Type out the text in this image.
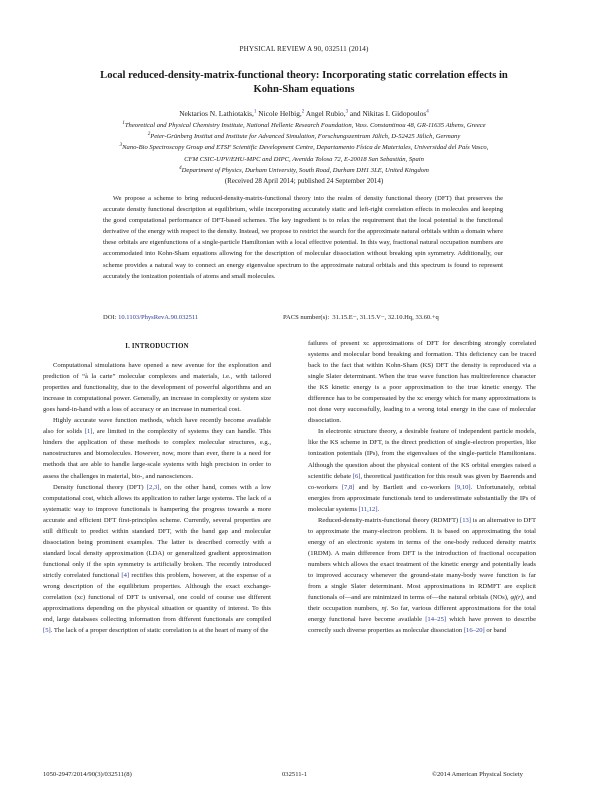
PHYSICAL REVIEW A 90, 032511 (2014)
Local reduced-density-matrix-functional theory: Incorporating static correlation effects in
Kohn-Sham equations
Nektarios N. Lathiotakis,$^1$ Nicole Helbig,$^2$ Angel Rubio,$^3$ and Nikitas I. Gidopoulos$^4$
$^1$Theoretical and Physical Chemistry Institute, National Hellenic Research Foundation, Vass. Constantinou 48, GR-11635 Athens, Greece
$^2$Peter-Grünberg Institut and Institute for Advanced Simulation, Forschungszentrum Jülich, D-52425 Jülich, Germany
$^3$Nano-Bio Spectroscopy Group and ETSF Scientific Development Centre, Departamento Física de Materiales, Universidad del País Vasco,
CFM CSIC-UPV/EHU-MPC and DIPC, Avenida Tolosa 72, E-20018 San Sebastián, Spain
$^4$Department of Physics, Durham University, South Road, Durham DH1 3LE, United Kingdom
(Received 28 April 2014; published 24 September 2014)
We propose a scheme to bring reduced-density-matrix-functional theory into the realm of density functional theory (DFT) that preserves the accurate density functional description at equilibrium, while incorporating accurately static and left-right correlation effects in molecules and keeping the good computational performance of DFT-based schemes. The key ingredient is to relax the requirement that the local potential is the functional derivative of the energy with respect to the density. Instead, we propose to restrict the search for the approximate natural orbitals within a domain where these orbitals are eigenfunctions of a single-particle Hamiltonian with a local effective potential. In this way, fractional natural occupation numbers are accommodated into Kohn-Sham equations allowing for the description of molecular dissociation without breaking spin symmetry. Additionally, our scheme provides a natural way to connect an energy eigenvalue spectrum to the approximate natural orbitals and this spectrum is found to represent accurately the ionization potentials of atoms and small molecules.
DOI: 10.1103/PhysRevA.90.032511	PACS number(s): 31.15.E−, 31.15.V−, 32.10.Hq, 33.60.+q
I. INTRODUCTION

Computational simulations have opened a new avenue for the exploration and prediction of “à la carte” molecular complexes and materials, i.e., with tailored properties and functionality, due to the development of powerful algorithms and an increase in computational power. Generally, an increase in complexity or system size goes hand-in-hand with a loss of accuracy or an increase in numerical cost.

Highly accurate wave function methods, which have recently become available also for solids [1], are limited in the complexity of systems they can handle. This hinders the application of these methods to complex molecular structures, e.g., nanostructures and biomolecules. However, now, more than ever, there is a need for methods that are able to handle large-scale systems with high precision in order to assess the challenges in material, bio-, and nanosciences.

Density functional theory (DFT) [2,3], on the other hand, comes with a low computational cost, which allows its application to rather large systems. The lack of a systematic way to improve functionals is hampering the progress towards a more accurate and efficient DFT first-principles scheme. Currently, several properties are still difficult to predict within standard DFT, with the band gap and molecular dissociation being prominent examples. The latter is described correctly with a standard local density approximation (LDA) or generalized gradient approximation functional only if the spin symmetry is artificially broken. The recently introduced strictly correlated functional [4] rectifies this problem, however, at the expense of a wrong description of the equilibrium properties. Although the exact exchange-correlation (xc) functional of DFT is universal, one could of course use different approximations depending on the physical situation or quantity of interest. To this end, large databases collecting information from different functionals are compiled [5]. The lack of a proper description of static correlation is at the heart of many of the

failures of present xc approximations of DFT for describing strongly correlated systems and molecular bond breaking and formation. This deficiency can be traced back to the fact that within Kohn-Sham (KS) DFT the density is reproduced via a single Slater determinant. When the true wave function has multireference character the KS kinetic energy is a poor approximation to the true kinetic energy. The difference has to be compensated by the xc energy which for many approximations is not done very successfully, leading to a wrong total energy in the case of molecular dissociation.

In electronic structure theory, a desirable feature of independent particle models, like the KS scheme in DFT, is the direct prediction of single-electron properties, like ionization potentials (IPs), from the eigenvalues of the single-particle Hamiltonians. Although the question about the physical content of the KS orbital energies raised a scientific debate [6], theoretical justification for this result was given by Baerends and co-workers [7,8] and by Bartlett and co-workers [9,10]. Unfortunately, orbital energies from approximate functionals tend to underestimate substantially the IPs of molecular systems [11,12].

Reduced-density-matrix-functional theory (RDMFT) [13] is an alternative to DFT to approximate the many-electron problem. It is based on approximating the total energy of an electronic system in terms of the one-body reduced density matrix (1RDM). A main difference from DFT is the introduction of fractional occupation numbers which allows the exact treatment of the kinetic energy and potentially leads to improved accuracy whenever the ground-state many-body wave function is far from a single Slater determinant. Most approximations in RDMFT are explicit functionals of—and are minimized in terms of—the natural orbitals (NOs), φj(r), and their occupation numbers, nj. So far, various different approximations for the total energy functional have become available [14–25] which have proven to describe correctly such diverse properties as molecular dissociation [16–20] or band

1050-2947/2014/90(3)/032511(8)	032511-1	©2014 American Physical Society
